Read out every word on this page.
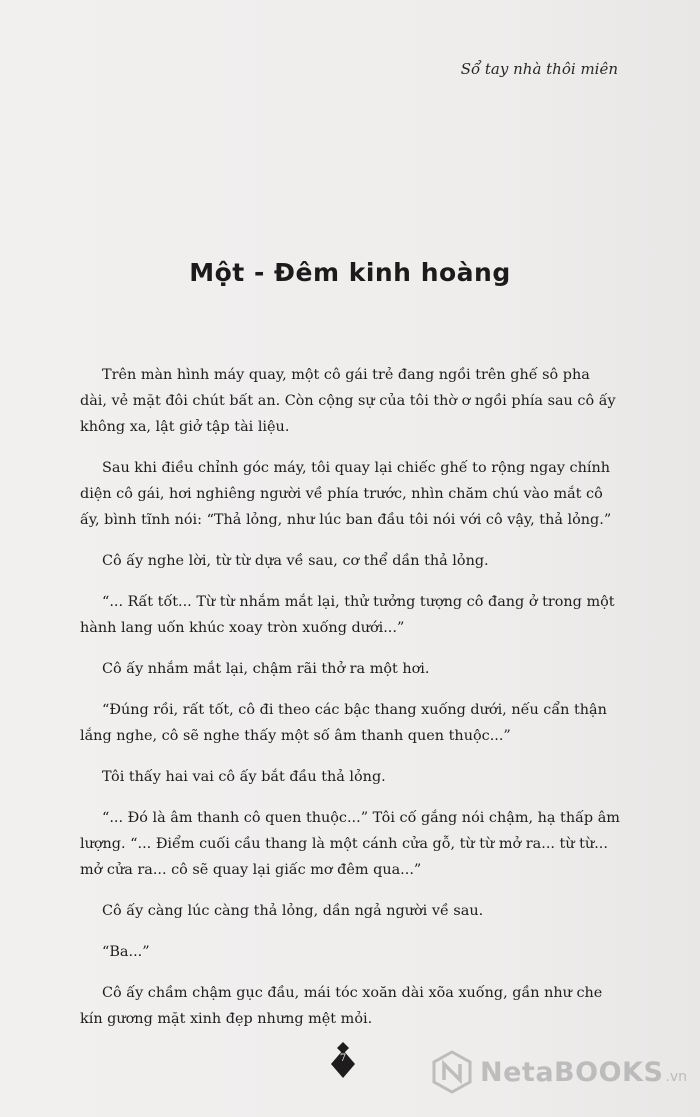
Sổ tay nhà thôi miên
Một - Đêm kinh hoàng

Trên màn hình máy quay, một cô gái trẻ đang ngồi trên ghế sô pha dài, vẻ mặt đôi chút bất an. Còn cộng sự của tôi thờ ơ ngồi phía sau cô ấy không xa, lật giở tập tài liệu.

Sau khi điều chỉnh góc máy, tôi quay lại chiếc ghế to rộng ngay chính diện cô gái, hơi nghiêng người về phía trước, nhìn chăm chú vào mắt cô ấy, bình tĩnh nói: “Thả lỏng, như lúc ban đầu tôi nói với cô vậy, thả lỏng.”

Cô ấy nghe lời, từ từ dựa về sau, cơ thể dần thả lỏng.

“... Rất tốt... Từ từ nhắm mắt lại, thử tưởng tượng cô đang ở trong một hành lang uốn khúc xoay tròn xuống dưới...”

Cô ấy nhắm mắt lại, chậm rãi thở ra một hơi.

“Đúng rồi, rất tốt, cô đi theo các bậc thang xuống dưới, nếu cẩn thận lắng nghe, cô sẽ nghe thấy một số âm thanh quen thuộc...”

Tôi thấy hai vai cô ấy bắt đầu thả lỏng.

“... Đó là âm thanh cô quen thuộc...” Tôi cố gắng nói chậm, hạ thấp âm lượng. “... Điểm cuối cầu thang là một cánh cửa gỗ, từ từ mở ra... từ từ... mở cửa ra... cô sẽ quay lại giấc mơ đêm qua...”

Cô ấy càng lúc càng thả lỏng, dần ngả người về sau.

“Ba...”

Cô ấy chầm chậm gục đầu, mái tóc xoăn dài xõa xuống, gần như che kín gương mặt xinh đẹp nhưng mệt mỏi.

7	NetaBOOKS .vn
